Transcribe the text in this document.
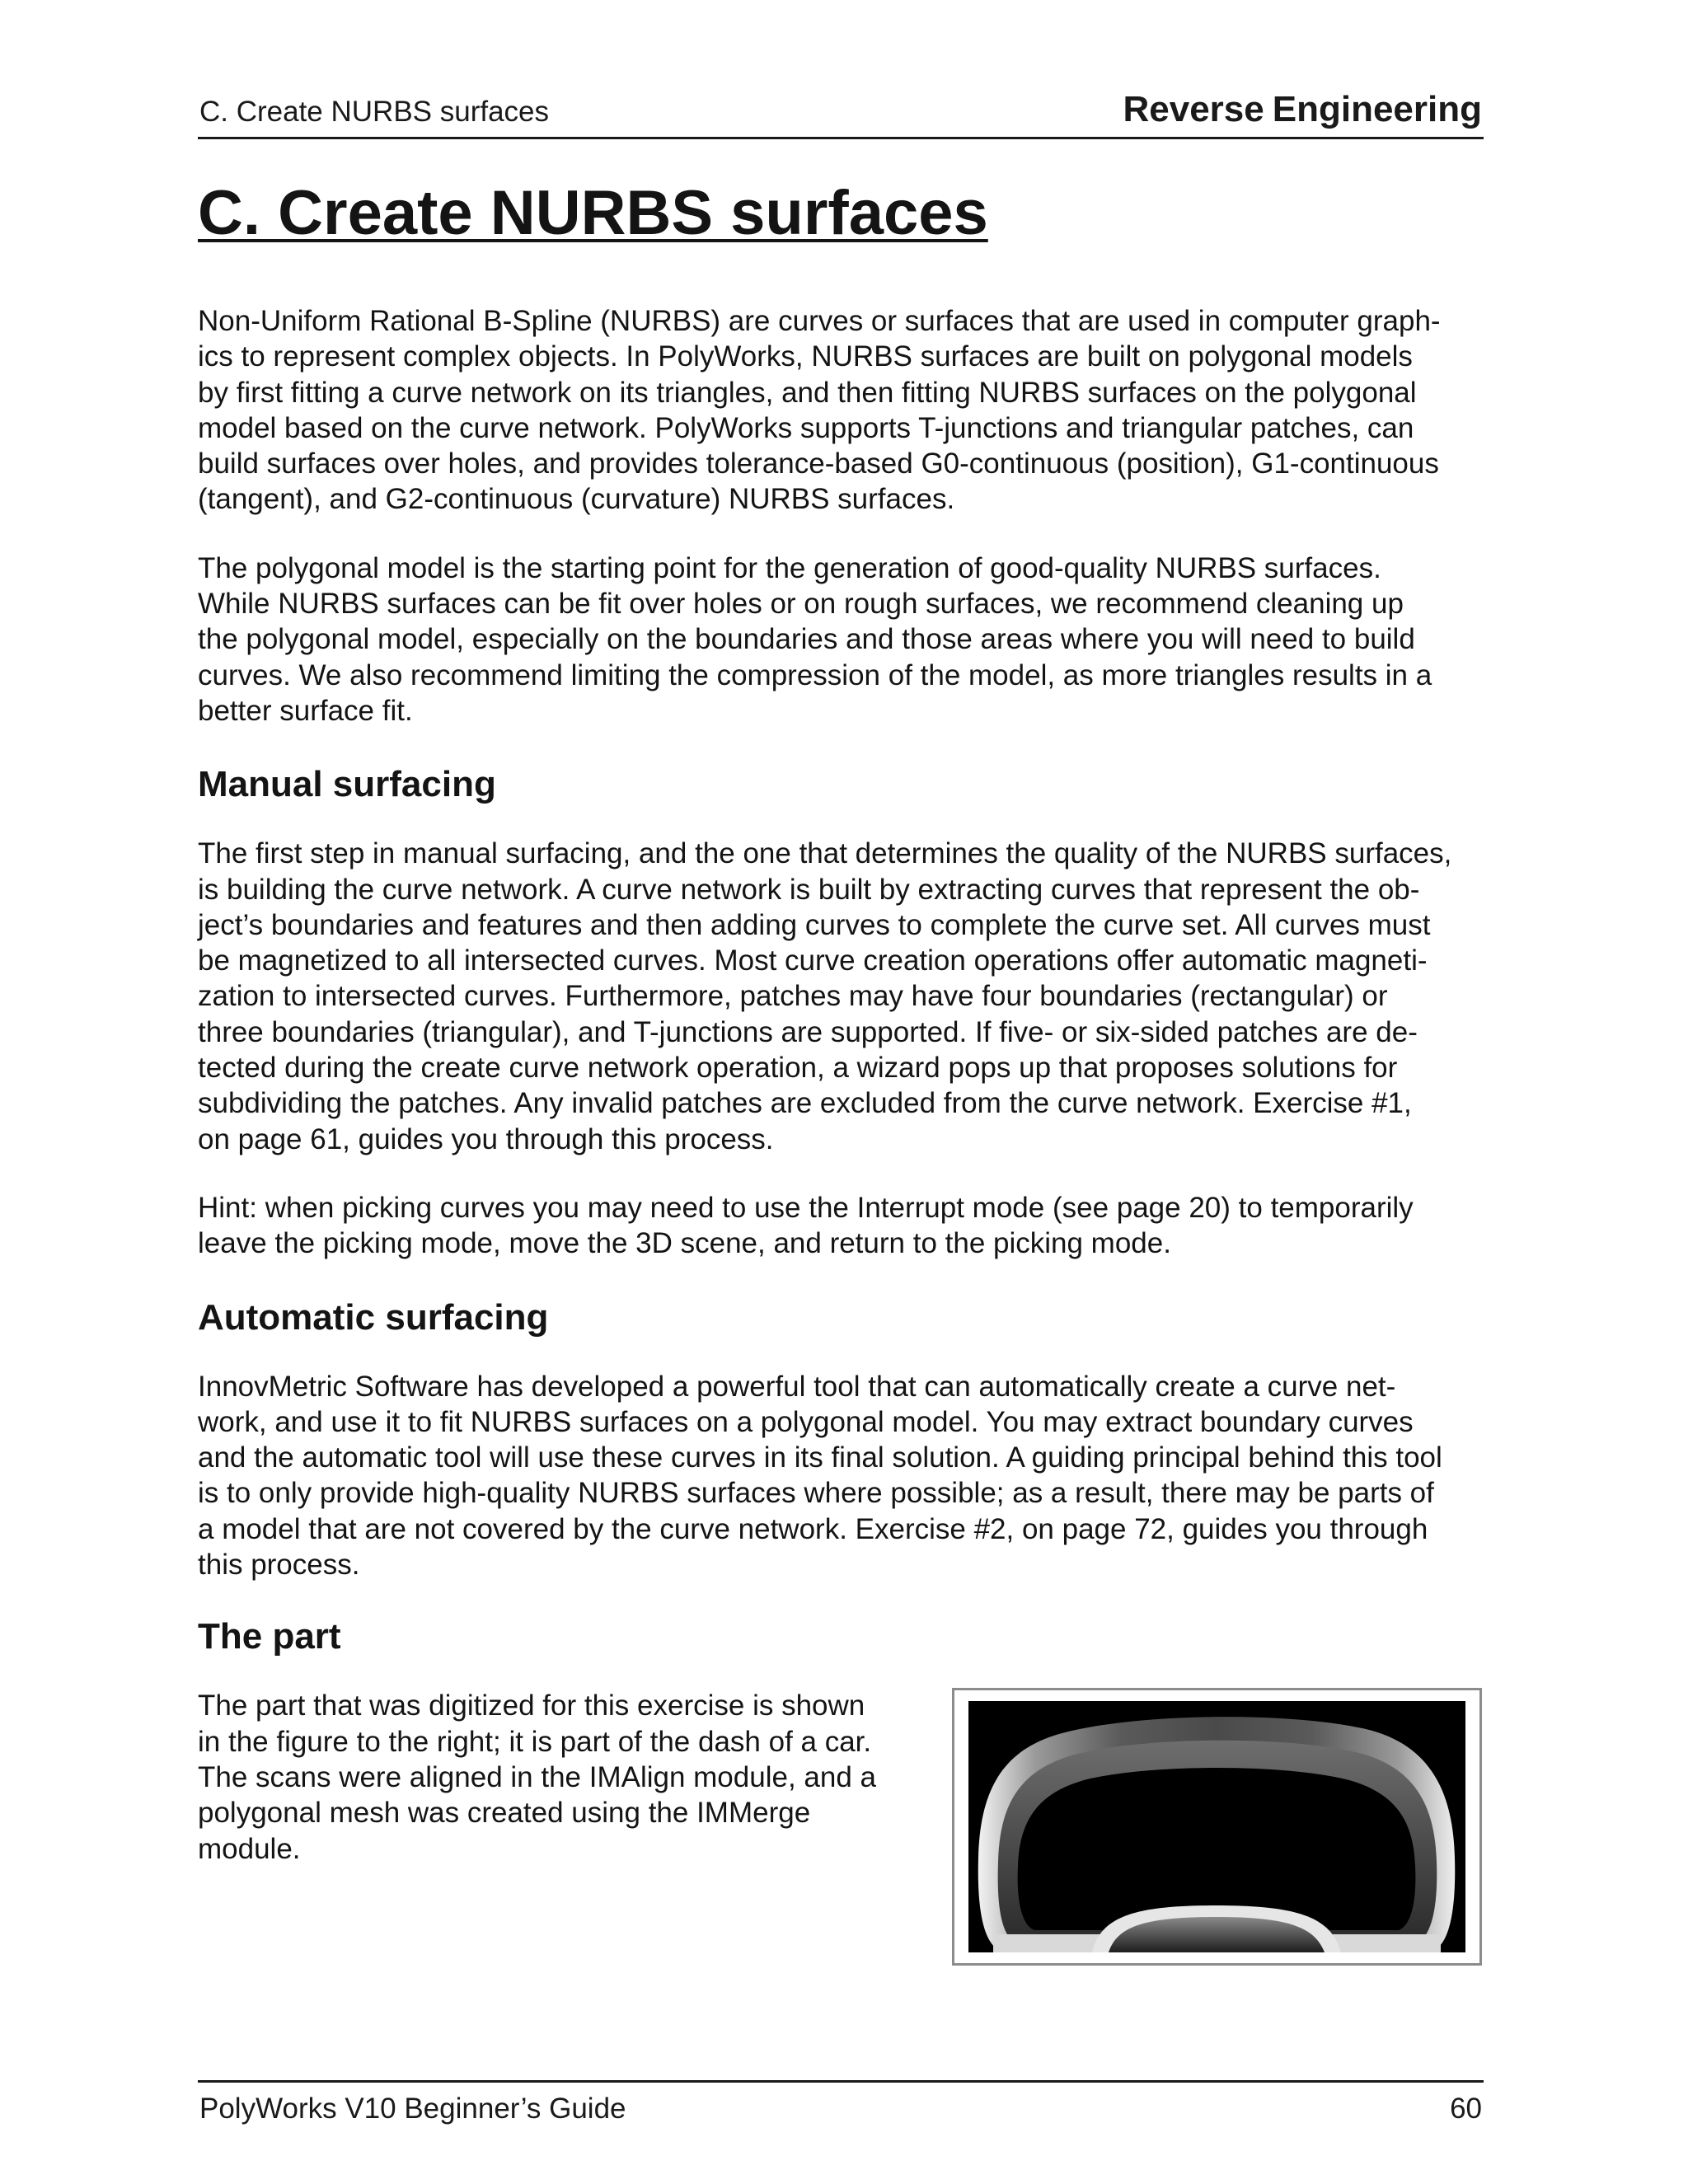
C. Create NURBS surfaces	Reverse Engineering
C. Create NURBS surfaces

Non-Uniform Rational B-Spline (NURBS) are curves or surfaces that are used in computer graph-
ics to represent complex objects. In PolyWorks, NURBS surfaces are built on polygonal models
by first fitting a curve network on its triangles, and then fitting NURBS surfaces on the polygonal
model based on the curve network. PolyWorks supports T-junctions and triangular patches, can
build surfaces over holes, and provides tolerance-based G0-continuous (position), G1-continuous
(tangent), and G2-continuous (curvature) NURBS surfaces.

The polygonal model is the starting point for the generation of good-quality NURBS surfaces.
While NURBS surfaces can be fit over holes or on rough surfaces, we recommend cleaning up
the polygonal model, especially on the boundaries and those areas where you will need to build
curves. We also recommend limiting the compression of the model, as more triangles results in a
better surface fit.

Manual surfacing

The first step in manual surfacing, and the one that determines the quality of the NURBS surfaces,
is building the curve network. A curve network is built by extracting curves that represent the ob-
ject’s boundaries and features and then adding curves to complete the curve set. All curves must
be magnetized to all intersected curves. Most curve creation operations offer automatic magneti-
zation to intersected curves. Furthermore, patches may have four boundaries (rectangular) or
three boundaries (triangular), and T-junctions are supported. If five- or six-sided patches are de-
tected during the create curve network operation, a wizard pops up that proposes solutions for
subdividing the patches. Any invalid patches are excluded from the curve network. Exercise #1,
on page 61, guides you through this process.

Hint: when picking curves you may need to use the Interrupt mode (see page 20) to temporarily
leave the picking mode, move the 3D scene, and return to the picking mode.

Automatic surfacing

InnovMetric Software has developed a powerful tool that can automatically create a curve net-
work, and use it to fit NURBS surfaces on a polygonal model. You may extract boundary curves
and the automatic tool will use these curves in its final solution. A guiding principal behind this tool
is to only provide high-quality NURBS surfaces where possible; as a result, there may be parts of
a model that are not covered by the curve network. Exercise #2, on page 72, guides you through
this process.

The part

The part that was digitized for this exercise is shown
in the figure to the right; it is part of the dash of a car.
The scans were aligned in the IMAlign module, and a
polygonal mesh was created using the IMMerge
module.

PolyWorks V10 Beginner’s Guide	60
